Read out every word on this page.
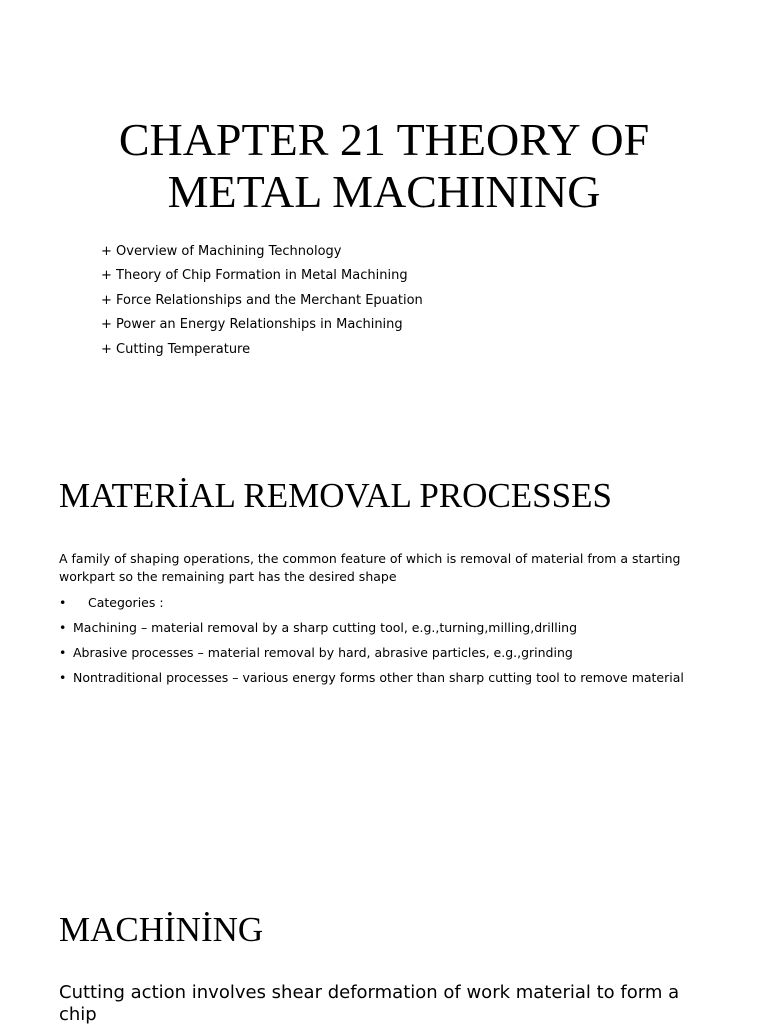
CHAPTER 21 THEORY OF
METAL MACHINING
+ Overview of Machining Technology
+ Theory of Chip Formation in Metal Machining
+ Force Relationships and the Merchant Epuation
+ Power an Energy Relationships in Machining
+ Cutting Temperature
MATERİAL REMOVAL PROCESSES

A family of shaping operations, the common feature of which is removal of material from a starting workpart so the remaining part has the desired shape

• Categories :
• Machining – material removal by a sharp cutting tool, e.g.,turning,milling,drilling
• Abrasive processes – material removal by hard, abrasive particles, e.g.,grinding
• Nontraditional processes – various energy forms other than sharp cutting tool to remove material
MACHİNİNG

Cutting action involves shear deformation of work material to form a chip
